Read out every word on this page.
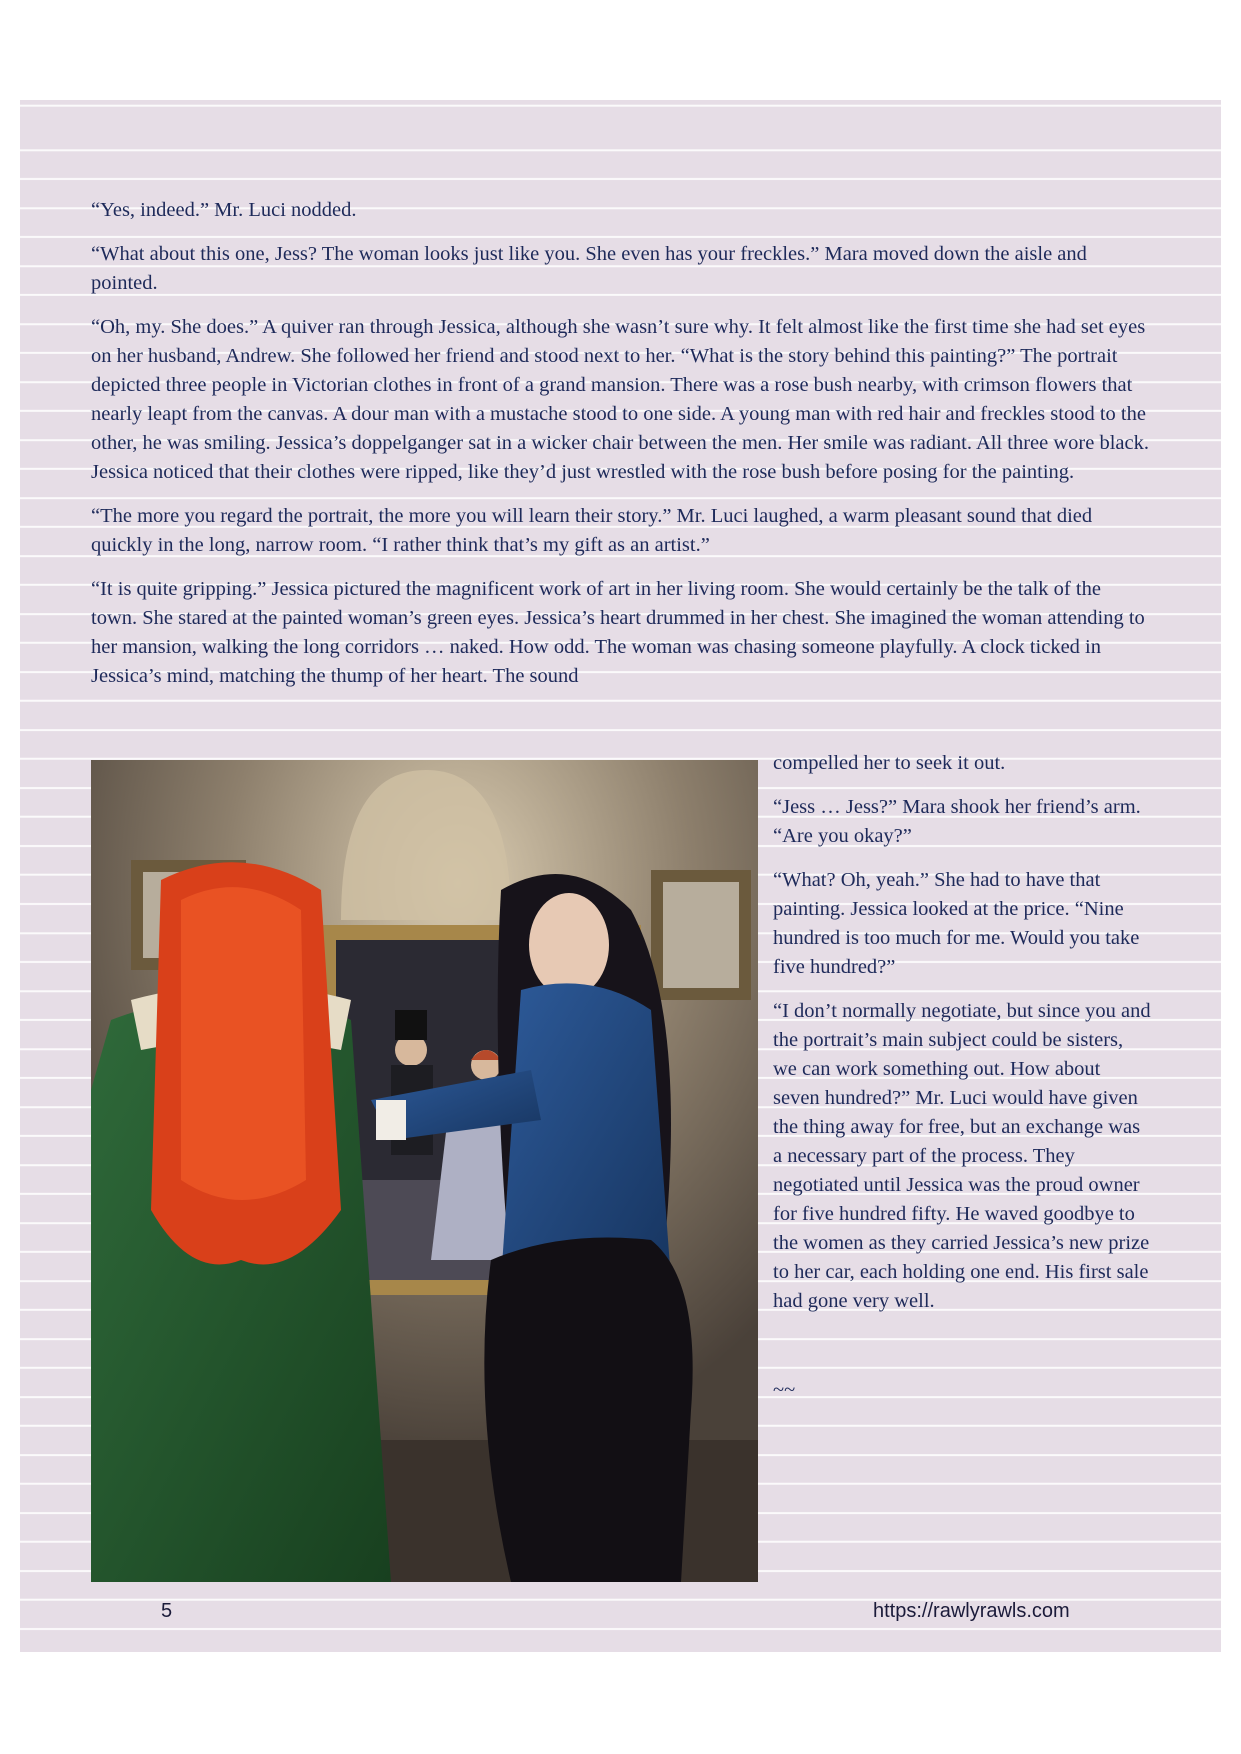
“Yes, indeed.” Mr. Luci nodded.

“What about this one, Jess? The woman looks just like you. She even has your freckles.” Mara moved down the aisle and pointed.

“Oh, my. She does.” A quiver ran through Jessica, although she wasn’t sure why. It felt almost like the first time she had set eyes on her husband, Andrew. She followed her friend and stood next to her. “What is the story behind this painting?” The portrait depicted three people in Victorian clothes in front of a grand mansion. There was a rose bush nearby, with crimson flowers that nearly leapt from the canvas. A dour man with a mustache stood to one side. A young man with red hair and freckles stood to the other, he was smiling. Jessica’s doppelganger sat in a wicker chair between the men. Her smile was radiant. All three wore black. Jessica noticed that their clothes were ripped, like they’d just wrestled with the rose bush before posing for the painting.

“The more you regard the portrait, the more you will learn their story.” Mr. Luci laughed, a warm pleasant sound that died quickly in the long, narrow room. “I rather think that’s my gift as an artist.”

“It is quite gripping.” Jessica pictured the magnificent work of art in her living room. She would certainly be the talk of the town. She stared at the painted woman’s green eyes. Jessica’s heart drummed in her chest. She imagined the woman attending to her mansion, walking the long corridors … naked. How odd. The woman was chasing someone playfully. A clock ticked in Jessica’s mind, matching the thump of her heart. The sound

compelled her to seek it out.

“Jess … Jess?” Mara shook her friend’s arm. “Are you okay?”

“What? Oh, yeah.” She had to have that painting. Jessica looked at the price. “Nine hundred is too much for me. Would you take five hundred?”

“I don’t normally negotiate, but since you and the portrait’s main subject could be sisters, we can work something out. How about seven hundred?” Mr. Luci would have given the thing away for free, but an exchange was a necessary part of the process. They negotiated until Jessica was the proud owner for five hundred fifty. He waved goodbye to the women as they carried Jessica’s new prize to her car, each holding one end. His first sale had gone very well.

~~

5	https://rawlyrawls.com
